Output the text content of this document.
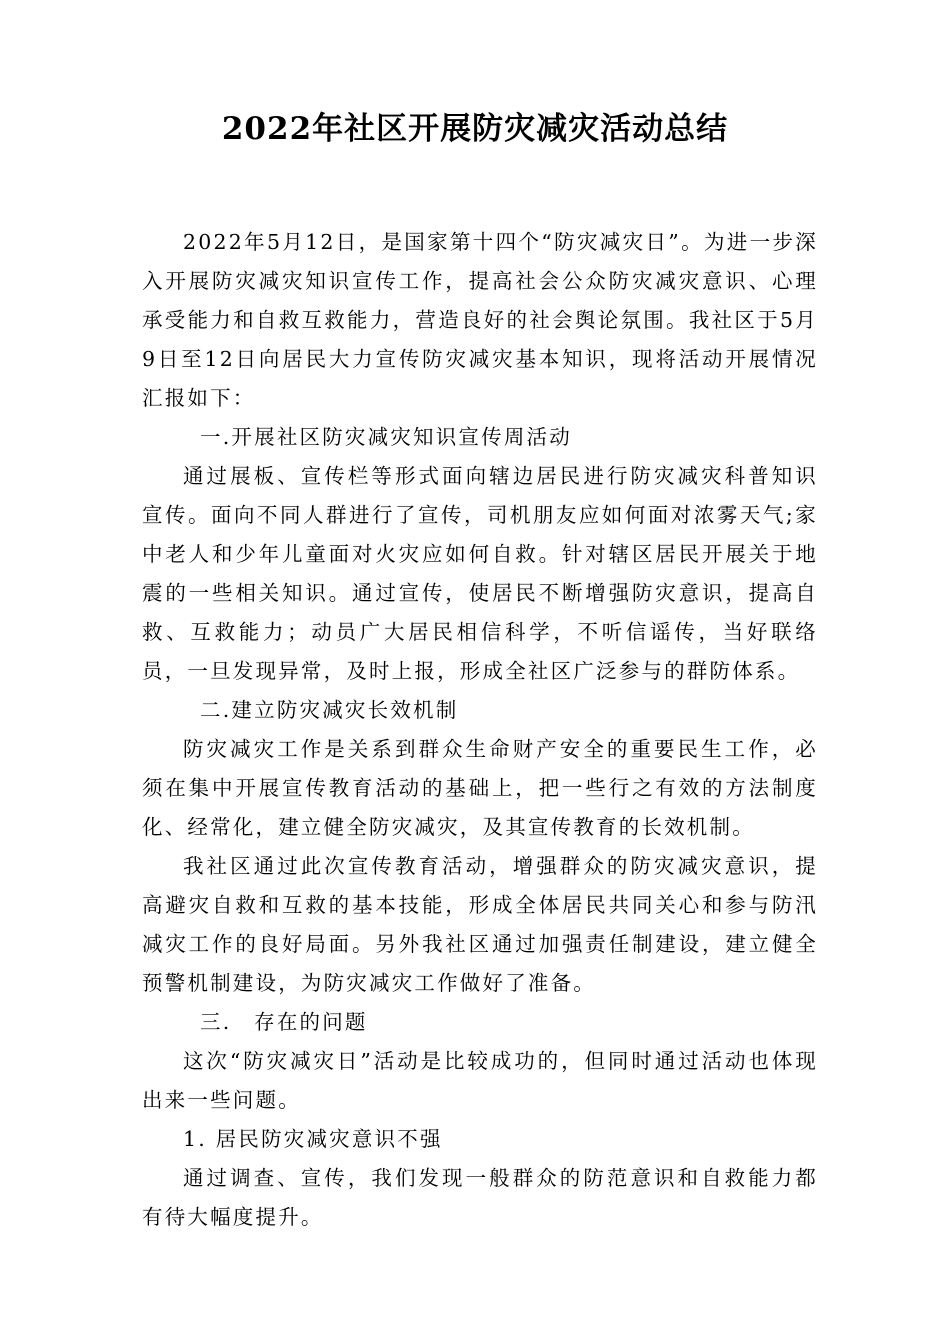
2022年社区开展防灾减灾活动总结

2022年5月12日，是国家第十四个“防灾减灾日”。为进一步深入开展防灾减灾知识宣传工作，提高社会公众防灾减灾意识、心理承受能力和自救互救能力，营造良好的社会舆论氛围。我社区于5月9日至12日向居民大力宣传防灾减灾基本知识，现将活动开展情况汇报如下：

一.开展社区防灾减灾知识宣传周活动

通过展板、宣传栏等形式面向辖边居民进行防灾减灾科普知识宣传。面向不同人群进行了宣传，司机朋友应如何面对浓雾天气;家中老人和少年儿童面对火灾应如何自救。针对辖区居民开展关于地震的一些相关知识。通过宣传，使居民不断增强防灾意识，提高自救、互救能力；动员广大居民相信科学，不听信谣传，当好联络员，一旦发现异常，及时上报，形成全社区广泛参与的群防体系。

二.建立防灾减灾长效机制

防灾减灾工作是关系到群众生命财产安全的重要民生工作，必须在集中开展宣传教育活动的基础上，把一些行之有效的方法制度化、经常化，建立健全防灾减灾，及其宣传教育的长效机制。

我社区通过此次宣传教育活动，增强群众的防灾减灾意识，提高避灾自救和互救的基本技能，形成全体居民共同关心和参与防汛减灾工作的良好局面。另外我社区通过加强责任制建设，建立健全预警机制建设，为防灾减灾工作做好了准备。

三.　存在的问题

这次“防灾减灾日”活动是比较成功的，但同时通过活动也体现出来一些问题。

1. 居民防灾减灾意识不强

通过调查、宣传，我们发现一般群众的防范意识和自救能力都有待大幅度提升。
